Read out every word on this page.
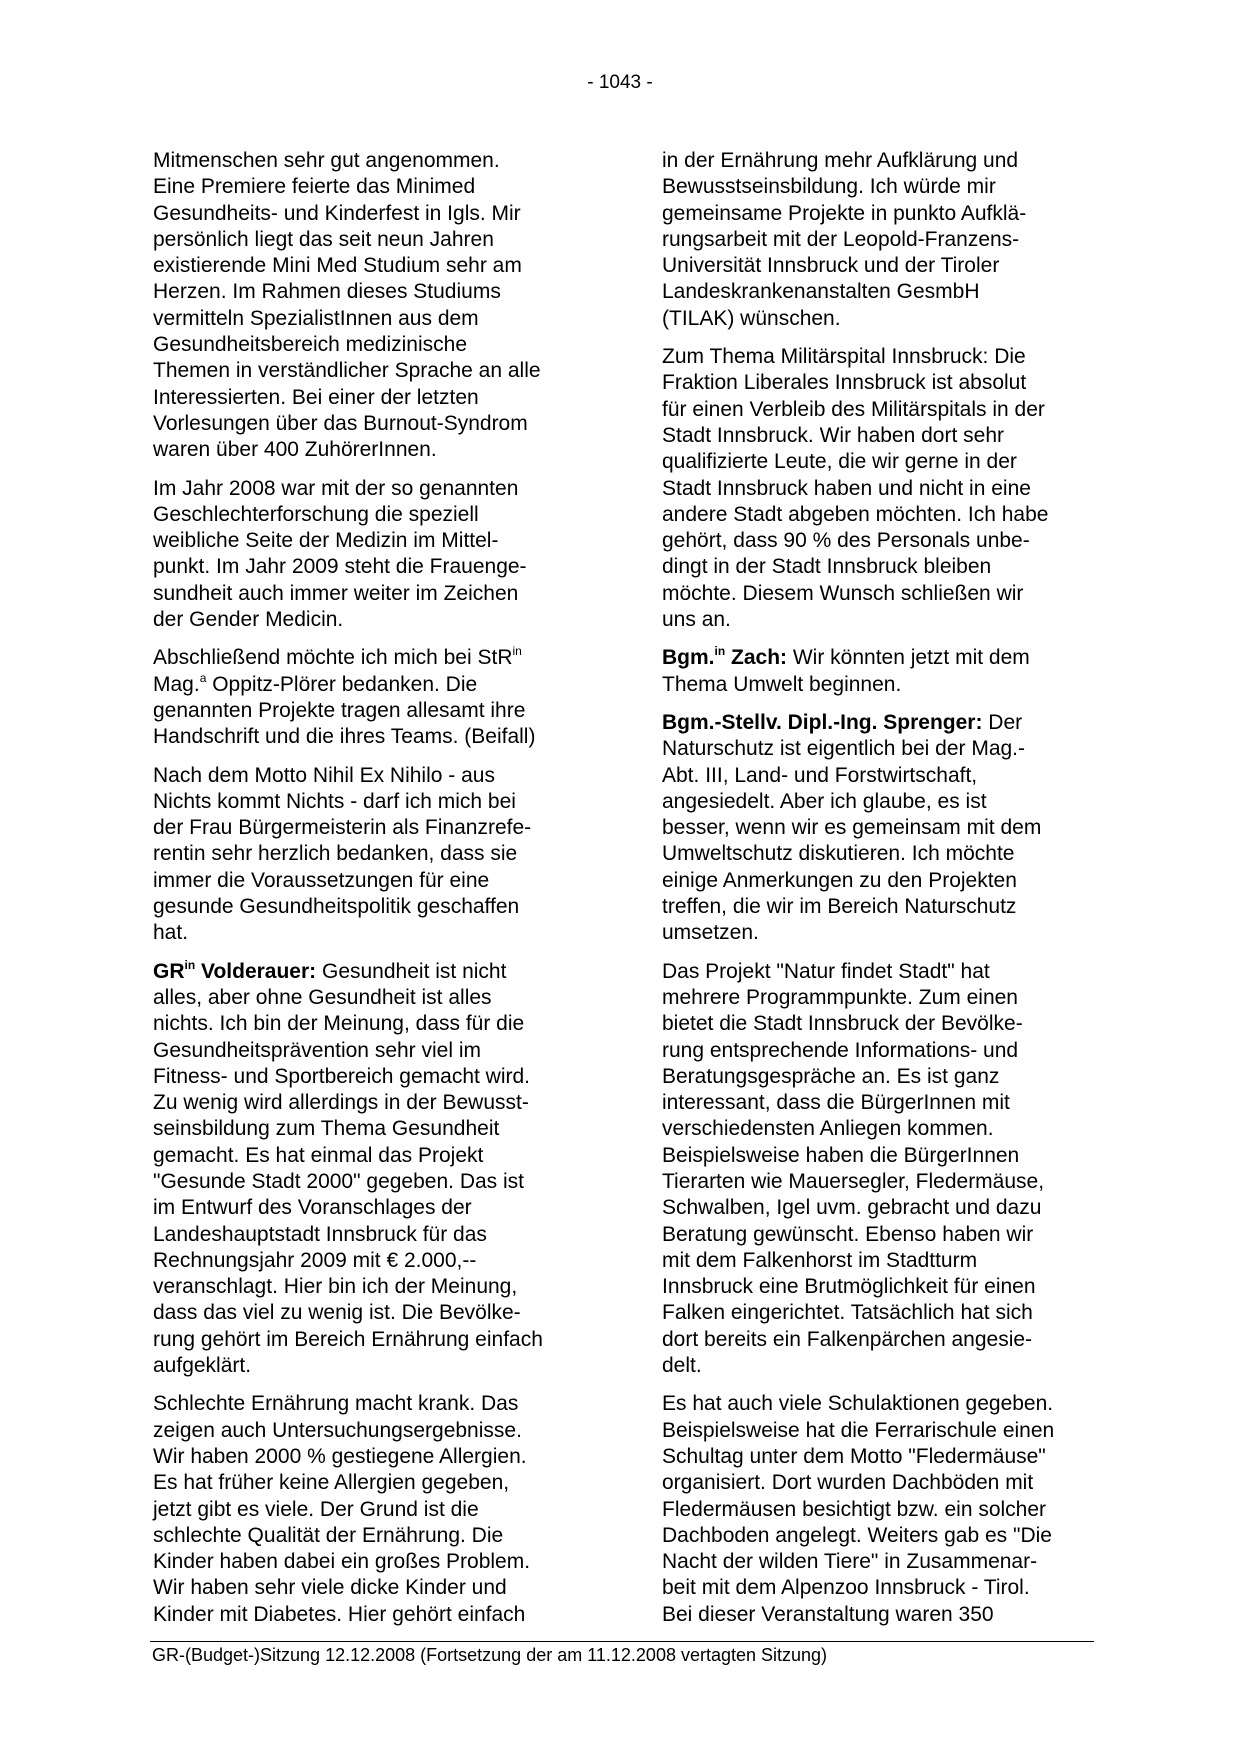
- 1043 -

Mitmenschen sehr gut angenommen.
Eine Premiere feierte das Minimed
Gesundheits- und Kinderfest in Igls. Mir
persönlich liegt das seit neun Jahren
existierende Mini Med Studium sehr am
Herzen. Im Rahmen dieses Studiums
vermitteln SpezialistInnen aus dem
Gesundheitsbereich medizinische
Themen in verständlicher Sprache an alle
Interessierten. Bei einer der letzten
Vorlesungen über das Burnout-Syndrom
waren über 400 ZuhörerInnen.

Im Jahr 2008 war mit der so genannten
Geschlechterforschung die speziell
weibliche Seite der Medizin im Mittel-
punkt. Im Jahr 2009 steht die Frauenge-
sundheit auch immer weiter im Zeichen
der Gender Medicin.

Abschließend möchte ich mich bei StR$^{in}$
Mag.$^a$ Oppitz-Plörer bedanken. Die
genannten Projekte tragen allesamt ihre
Handschrift und die ihres Teams. (Beifall)

Nach dem Motto Nihil Ex Nihilo - aus
Nichts kommt Nichts - darf ich mich bei
der Frau Bürgermeisterin als Finanzrefe-
rentin sehr herzlich bedanken, dass sie
immer die Voraussetzungen für eine
gesunde Gesundheitspolitik geschaffen
hat.

$GR^{in}$ Volderauer: Gesundheit ist nicht
alles, aber ohne Gesundheit ist alles
nichts. Ich bin der Meinung, dass für die
Gesundheitsprävention sehr viel im
Fitness- und Sportbereich gemacht wird.
Zu wenig wird allerdings in der Bewusst-
seinsbildung zum Thema Gesundheit
gemacht. Es hat einmal das Projekt
"Gesunde Stadt 2000" gegeben. Das ist
im Entwurf des Voranschlages der
Landeshauptstadt Innsbruck für das
Rechnungsjahr 2009 mit € 2.000,--
veranschlagt. Hier bin ich der Meinung,
dass das viel zu wenig ist. Die Bevölke-
rung gehört im Bereich Ernährung einfach
aufgeklärt.

Schlechte Ernährung macht krank. Das
zeigen auch Untersuchungsergebnisse.
Wir haben 2000 % gestiegene Allergien.
Es hat früher keine Allergien gegeben,
jetzt gibt es viele. Der Grund ist die
schlechte Qualität der Ernährung. Die
Kinder haben dabei ein großes Problem.
Wir haben sehr viele dicke Kinder und
Kinder mit Diabetes. Hier gehört einfach

in der Ernährung mehr Aufklärung und
Bewusstseinsbildung. Ich würde mir
gemeinsame Projekte in punkto Aufklä-
rungsarbeit mit der Leopold-Franzens-
Universität Innsbruck und der Tiroler
Landeskrankenanstalten GesmbH
(TILAK) wünschen.

Zum Thema Militärspital Innsbruck: Die
Fraktion Liberales Innsbruck ist absolut
für einen Verbleib des Militärspitals in der
Stadt Innsbruck. Wir haben dort sehr
qualifizierte Leute, die wir gerne in der
Stadt Innsbruck haben und nicht in eine
andere Stadt abgeben möchten. Ich habe
gehört, dass 90 % des Personals unbe-
dingt in der Stadt Innsbruck bleiben
möchte. Diesem Wunsch schließen wir
uns an.

Bgm.$^{in}$ Zach: Wir könnten jetzt mit dem
Thema Umwelt beginnen.

Bgm.-Stellv. Dipl.-Ing. Sprenger: Der
Naturschutz ist eigentlich bei der Mag.-
Abt. III, Land- und Forstwirtschaft,
angesiedelt. Aber ich glaube, es ist
besser, wenn wir es gemeinsam mit dem
Umweltschutz diskutieren. Ich möchte
einige Anmerkungen zu den Projekten
treffen, die wir im Bereich Naturschutz
umsetzen.

Das Projekt "Natur findet Stadt" hat
mehrere Programmpunkte. Zum einen
bietet die Stadt Innsbruck der Bevölke-
rung entsprechende Informations- und
Beratungsgespräche an. Es ist ganz
interessant, dass die BürgerInnen mit
verschiedensten Anliegen kommen.
Beispielsweise haben die BürgerInnen
Tierarten wie Mauersegler, Fledermäuse,
Schwalben, Igel uvm. gebracht und dazu
Beratung gewünscht. Ebenso haben wir
mit dem Falkenhorst im Stadtturm
Innsbruck eine Brutmöglichkeit für einen
Falken eingerichtet. Tatsächlich hat sich
dort bereits ein Falkenpärchen angesie-
delt.

Es hat auch viele Schulaktionen gegeben.
Beispielsweise hat die Ferrarischule einen
Schultag unter dem Motto "Fledermäuse"
organisiert. Dort wurden Dachböden mit
Fledermäusen besichtigt bzw. ein solcher
Dachboden angelegt. Weiters gab es "Die
Nacht der wilden Tiere" in Zusammenar-
beit mit dem Alpenzoo Innsbruck - Tirol.
Bei dieser Veranstaltung waren 350

GR-(Budget-)Sitzung 12.12.2008 (Fortsetzung der am 11.12.2008 vertagten Sitzung)
